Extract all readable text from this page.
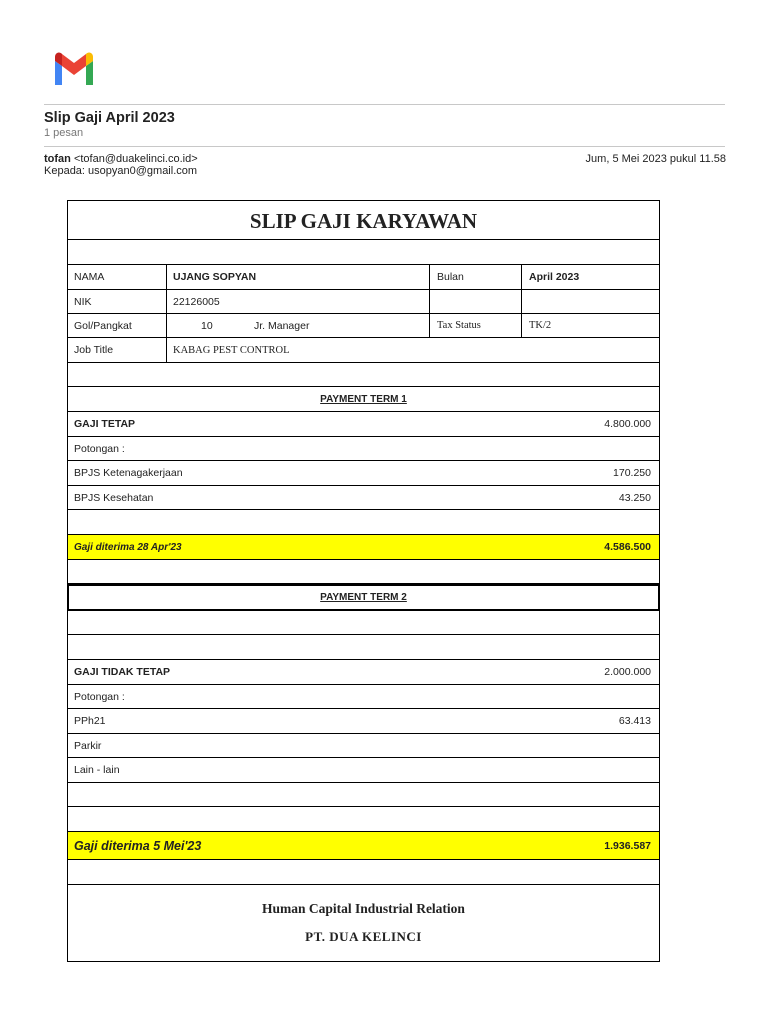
Slip Gaji April 2023
1 pesan
tofan <tofan@duakelinci.co.id>
Kepada: usopyan0@gmail.com
Jum, 5 Mei 2023 pukul 11.58
SLIP GAJI KARYAWAN
NAMA	UJANG SOPYAN	Bulan	April 2023
NIK	22126005
Gol/Pangkat	10	Jr. Manager	Tax Status	TK/2
Job Title	KABAG PEST CONTROL
PAYMENT TERM 1
GAJI TETAP	4.800.000
Potongan :
BPJS Ketenagakerjaan	170.250
BPJS Kesehatan	43.250
Gaji diterima 28 Apr'23	4.586.500
PAYMENT TERM 2
GAJI TIDAK TETAP	2.000.000
Potongan :
PPh21	63.413
Parkir
Lain - lain
Gaji diterima 5 Mei'23	1.936.587
Human Capital Industrial Relation
PT. DUA KELINCI
